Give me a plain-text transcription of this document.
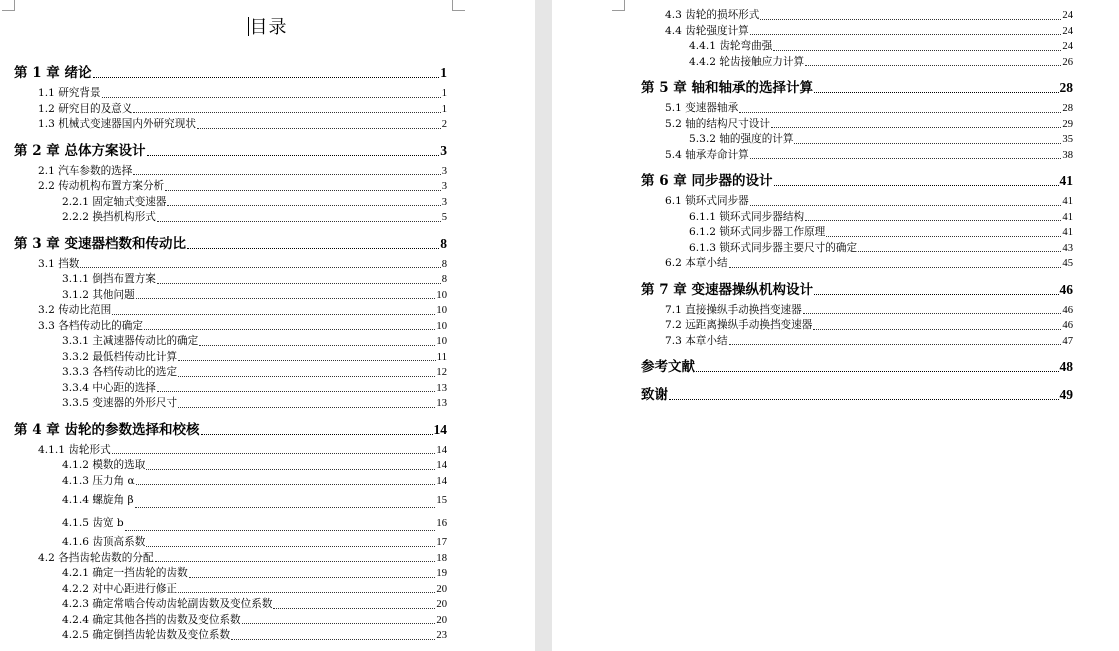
目录
第 1 章 绪论	1
1.1 研究背景	1
1.2 研究目的及意义	1
1.3 机械式变速器国内外研究现状	2
第 2 章 总体方案设计	3
2.1 汽车参数的选择	3
2.2 传动机构布置方案分析	3
2.2.1 固定轴式变速器	3
2.2.2 换挡机构形式	5
第 3 章 变速器档数和传动比	8
3.1 挡数	8
3.1.1 倒挡布置方案	8
3.1.2 其他问题	10
3.2 传动比范围	10
3.3 各档传动比的确定	10
3.3.1 主减速器传动比的确定	10
3.3.2 最低档传动比计算	11
3.3.3 各档传动比的选定	12
3.3.4 中心距的选择	13
3.3.5 变速器的外形尺寸	13
第 4 章 齿轮的参数选择和校核	14
4.1.1 齿轮形式	14
4.1.2 模数的选取	14
4.1.3 压力角 α	14
4.1.4 螺旋角 β	15
4.1.5 齿宽 b	16
4.1.6 齿顶高系数	17
4.2 各挡齿轮齿数的分配	18
4.2.1 确定一挡齿轮的齿数	19
4.2.2 对中心距进行修正	20
4.2.3 确定常啮合传动齿轮副齿数及变位系数	20
4.2.4 确定其他各挡的齿数及变位系数	20
4.2.5 确定倒挡齿轮齿数及变位系数	23
4.3 齿轮的损坏形式	24
4.4 齿轮强度计算	24
4.4.1 齿轮弯曲强	24
4.4.2 轮齿接触应力计算	26
第 5 章 轴和轴承的选择计算	28
5.1 变速器轴承	28
5.2 轴的结构尺寸设计	29
5.3.2 轴的强度的计算	35
5.4 轴承寿命计算	38
第 6 章 同步器的设计	41
6.1 锁环式同步器	41
6.1.1 锁环式同步器结构	41
6.1.2 锁环式同步器工作原理	41
6.1.3 锁环式同步器主要尺寸的确定	43
6.2 本章小结	45
第 7 章 变速器操纵机构设计	46
7.1 直接操纵手动换挡变速器	46
7.2 远距离操纵手动换挡变速器	46
7.3 本章小结	47
参考文献	48
致谢	49
